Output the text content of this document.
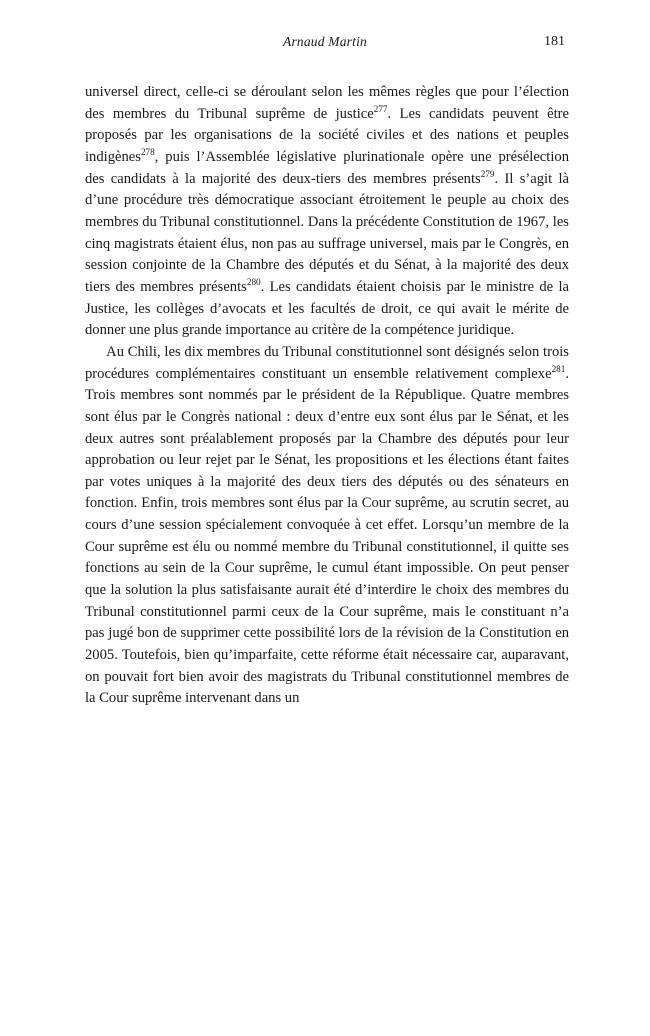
Arnaud Martin	181

universel direct, celle-ci se déroulant selon les mêmes règles que pour l’élection des membres du Tribunal suprême de justice$^{277}$. Les candidats peuvent être proposés par les organisations de la société civiles et des nations et peuples indigènes$^{278}$, puis l’Assemblée législative plurinationale opère une présélection des candidats à la majorité des deux-tiers des membres présents$^{279}$. Il s’agit là d’une procédure très démocratique associant étroitement le peuple au choix des membres du Tribunal constitutionnel. Dans la précédente Constitution de 1967, les cinq magistrats étaient élus, non pas au suffrage universel, mais par le Congrès, en session conjointe de la Chambre des députés et du Sénat, à la majorité des deux tiers des membres présents$^{280}$. Les candidats étaient choisis par le ministre de la Justice, les collèges d’avocats et les facultés de droit, ce qui avait le mérite de donner une plus grande importance au critère de la compétence juridique.

Au Chili, les dix membres du Tribunal constitutionnel sont désignés selon trois procédures complémentaires constituant un ensemble relativement complexe$^{281}$. Trois membres sont nommés par le président de la République. Quatre membres sont élus par le Congrès national : deux d’entre eux sont élus par le Sénat, et les deux autres sont préalablement proposés par la Chambre des députés pour leur approbation ou leur rejet par le Sénat, les propositions et les élections étant faites par votes uniques à la majorité des deux tiers des députés ou des sénateurs en fonction. Enfin, trois membres sont élus par la Cour suprême, au scrutin secret, au cours d’une session spécialement convoquée à cet effet. Lorsqu’un membre de la Cour suprême est élu ou nommé membre du Tribunal constitutionnel, il quitte ses fonctions au sein de la Cour suprême, le cumul étant impossible. On peut penser que la solution la plus satisfaisante aurait été d’interdire le choix des membres du Tribunal constitutionnel parmi ceux de la Cour suprême, mais le constituant n’a pas jugé bon de supprimer cette possibilité lors de la révision de la Constitution en 2005. Toutefois, bien qu’imparfaite, cette réforme était nécessaire car, auparavant, on pouvait fort bien avoir des magistrats du Tribunal constitutionnel membres de la Cour suprême intervenant dans un
